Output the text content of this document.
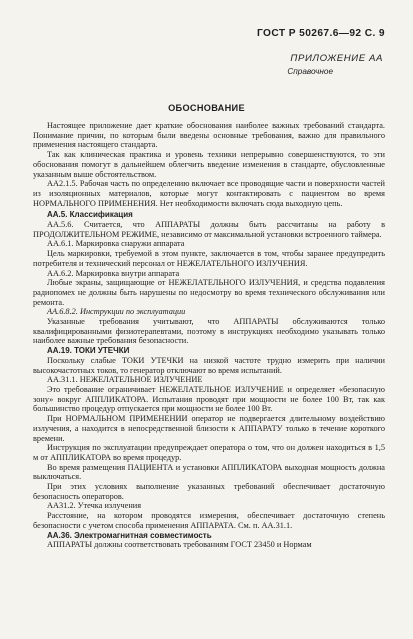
ГОСТ Р 50267.6—92 С. 9
ПРИЛОЖЕНИЕ АА
Справочное
ОБОСНОВАНИЕ

Настоящее приложение дает краткие обоснования наиболее важных требований стандарта. Понимание причин, по которым были введены основные требования, важно для правильного применения настоящего стандарта.

Так как клиническая практика и уровень техники непрерывно совершенствуются, то эти обоснования помогут в дальнейшем облегчить введение изменения в стандарте, обусловленные указанным выше обстоятельством.

АА2.1.5. Рабочая часть по определению включает все проводящие части и поверхности частей из изоляционных материалов, которые могут контактировать с пациентом во время НОРМАЛЬНОГО ПРИМЕНЕНИЯ. Нет необходимости включать сюда выходную цепь.

АА.5. Классификация

АА.5.6. Считается, что АППАРАТЫ должны быть рассчитаны на работу в ПРОДОЛЖИТЕЛЬНОМ РЕЖИМЕ, независимо от максимальной установки встроенного таймера.

АА.6.1. Маркировка снаружи аппарата

Цель маркировки, требуемой в этом пункте, заключается в том, чтобы заранее предупредить потребителя и технический персонал от НЕЖЕЛАТЕЛЬНОГО ИЗЛУЧЕНИЯ.

АА.6.2. Маркировка внутри аппарата

Любые экраны, защищающие от НЕЖЕЛАТЕЛЬНОГО ИЗЛУЧЕНИЯ, и средства подавления радиопомех не должны быть нарушены по недосмотру во время технического обслуживания или ремонта.

АА.6.8.2. Инструкции по эксплуатации

Указанные требования учитывают, что АППАРАТЫ обслуживаются только квалифицированными физиотерапевтами, поэтому в инструкциях необходимо указывать только наиболее важные требования безопасности.

АА.19. ТОКИ УТЕЧКИ

Поскольку слабые ТОКИ УТЕЧКИ на низкой частоте трудно измерить при наличии высокочастотных токов, то генератор отключают во время испытаний.

АА.31.1. НЕЖЕЛАТЕЛЬНОЕ ИЗЛУЧЕНИЕ

Это требование ограничивает НЕЖЕЛАТЕЛЬНОЕ ИЗЛУЧЕНИЕ и определяет «безопасную зону» вокруг АППЛИКАТОРА. Испытания проводят при мощности не более 100 Вт, так как большинство процедур отпускается при мощности не более 100 Вт.

При НОРМАЛЬНОМ ПРИМЕНЕНИИ оператор не подвергается длительному воздействию излучения, а находится в непосредственной близости к АППАРАТУ только в течение короткого времени.

Инструкция по эксплуатации предупреждает оператора о том, что он должен находиться в 1,5 м от АППЛИКАТОРА во время процедур.

Во время размещения ПАЦИЕНТА и установки АППЛИКАТОРА выходная мощность должна выключаться.

При этих условиях выполнение указанных требований обеспечивает достаточную безопасность операторов.

АА31.2. Утечка излучения

Расстояние, на котором проводятся измерения, обеспечивает достаточную степень безопасности с учетом способа применения АППАРАТА. См. п. АА.31.1.

АА.36. Электромагнитная совместимость

АППАРАТЫ должны соответствовать требованиям ГОСТ 23450 и Нормам
